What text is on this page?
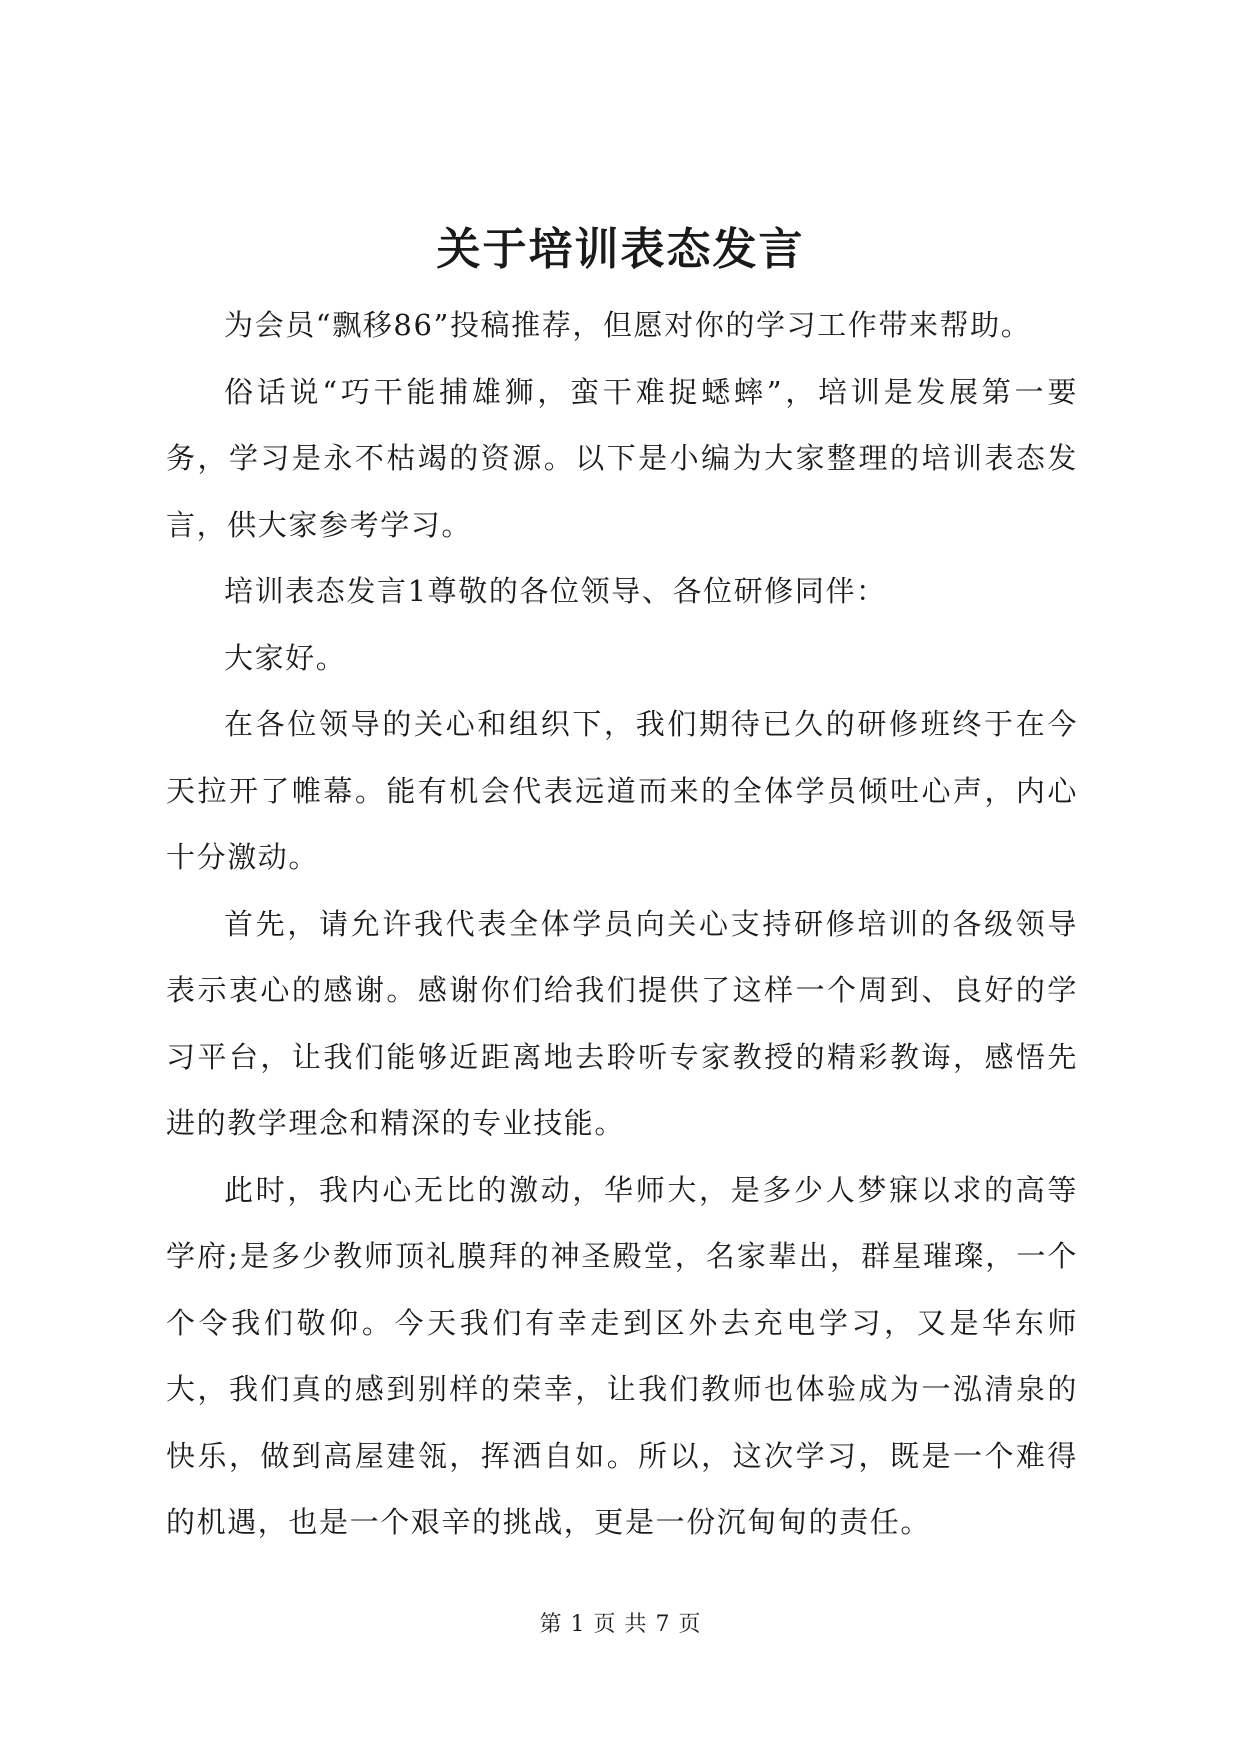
关于培训表态发言

为会员“飘移86”投稿推荐，但愿对你的学习工作带来帮助。

俗话说“巧干能捕雄狮，蛮干难捉蟋蟀”，培训是发展第一要务，学习是永不枯竭的资源。以下是小编为大家整理的培训表态发言，供大家参考学习。

培训表态发言1尊敬的各位领导、各位研修同伴：

大家好。

在各位领导的关心和组织下，我们期待已久的研修班终于在今天拉开了帷幕。能有机会代表远道而来的全体学员倾吐心声，内心十分激动。

首先，请允许我代表全体学员向关心支持研修培训的各级领导表示衷心的感谢。感谢你们给我们提供了这样一个周到、良好的学习平台，让我们能够近距离地去聆听专家教授的精彩教诲，感悟先进的教学理念和精深的专业技能。

此时，我内心无比的激动，华师大，是多少人梦寐以求的高等学府;是多少教师顶礼膜拜的神圣殿堂，名家辈出，群星璀璨，一个个令我们敬仰。今天我们有幸走到区外去充电学习，又是华东师大，我们真的感到别样的荣幸，让我们教师也体验成为一泓清泉的快乐，做到高屋建瓴，挥洒自如。所以，这次学习，既是一个难得的机遇，也是一个艰辛的挑战，更是一份沉甸甸的责任。

第 1 页 共 7 页
